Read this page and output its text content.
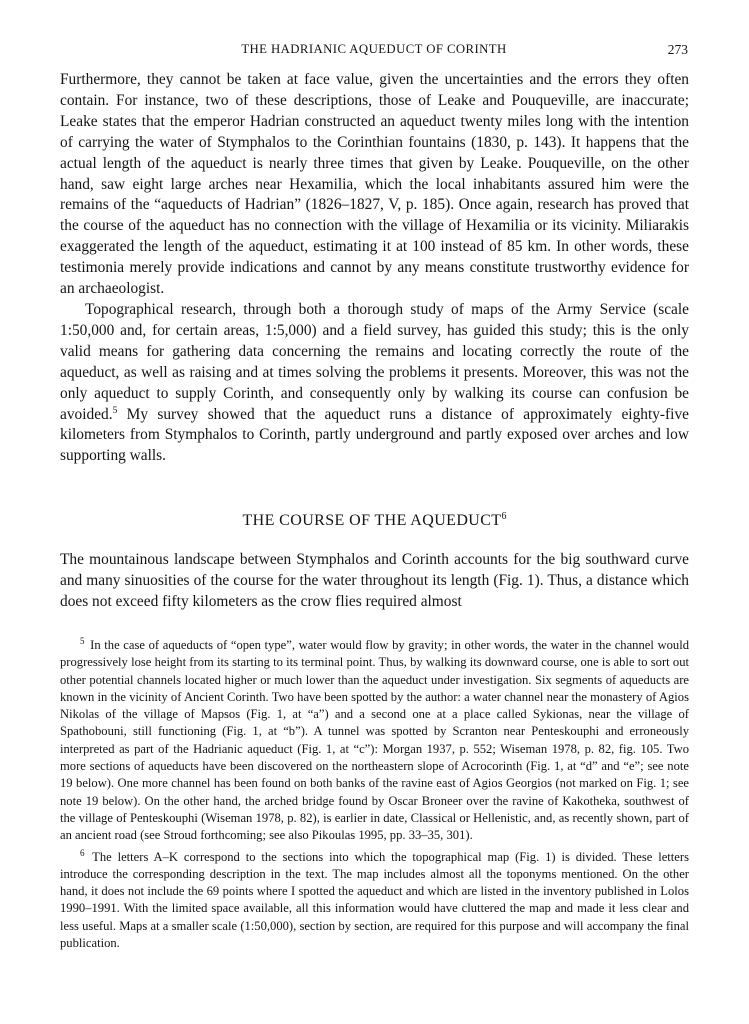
THE HADRIANIC AQUEDUCT OF CORINTH	273

Furthermore, they cannot be taken at face value, given the uncertainties and the errors they often contain. For instance, two of these descriptions, those of Leake and Pouqueville, are inaccurate; Leake states that the emperor Hadrian constructed an aqueduct twenty miles long with the intention of carrying the water of Stymphalos to the Corinthian fountains (1830, p. 143). It happens that the actual length of the aqueduct is nearly three times that given by Leake. Pouqueville, on the other hand, saw eight large arches near Hexamilia, which the local inhabitants assured him were the remains of the “aqueducts of Hadrian” (1826–1827, V, p. 185). Once again, research has proved that the course of the aqueduct has no connection with the village of Hexamilia or its vicinity. Miliarakis exaggerated the length of the aqueduct, estimating it at 100 instead of 85 km. In other words, these testimonia merely provide indications and cannot by any means constitute trustworthy evidence for an archaeologist.

Topographical research, through both a thorough study of maps of the Army Service (scale 1:50,000 and, for certain areas, 1:5,000) and a field survey, has guided this study; this is the only valid means for gathering data concerning the remains and locating correctly the route of the aqueduct, as well as raising and at times solving the problems it presents. Moreover, this was not the only aqueduct to supply Corinth, and consequently only by walking its course can confusion be avoided.$^5$ My survey showed that the aqueduct runs a distance of approximately eighty-five kilometers from Stymphalos to Corinth, partly underground and partly exposed over arches and low supporting walls.

THE COURSE OF THE AQUEDUCT$^6$

The mountainous landscape between Stymphalos and Corinth accounts for the big southward curve and many sinuosities of the course for the water throughout its length (Fig. 1). Thus, a distance which does not exceed fifty kilometers as the crow flies required almost

$^5$ In the case of aqueducts of “open type”, water would flow by gravity; in other words, the water in the channel would progressively lose height from its starting to its terminal point. Thus, by walking its downward course, one is able to sort out other potential channels located higher or much lower than the aqueduct under investigation. Six segments of aqueducts are known in the vicinity of Ancient Corinth. Two have been spotted by the author: a water channel near the monastery of Agios Nikolas of the village of Mapsos (Fig. 1, at “a”) and a second one at a place called Sykionas, near the village of Spathobouni, still functioning (Fig. 1, at “b”). A tunnel was spotted by Scranton near Penteskouphi and erroneously interpreted as part of the Hadrianic aqueduct (Fig. 1, at “c”): Morgan 1937, p. 552; Wiseman 1978, p. 82, fig. 105. Two more sections of aqueducts have been discovered on the northeastern slope of Acrocorinth (Fig. 1, at “d” and “e”; see note 19 below). One more channel has been found on both banks of the ravine east of Agios Georgios (not marked on Fig. 1; see note 19 below). On the other hand, the arched bridge found by Oscar Broneer over the ravine of Kakotheka, southwest of the village of Penteskouphi (Wiseman 1978, p. 82), is earlier in date, Classical or Hellenistic, and, as recently shown, part of an ancient road (see Stroud forthcoming; see also Pikoulas 1995, pp. 33–35, 301).

$^6$ The letters A–K correspond to the sections into which the topographical map (Fig. 1) is divided. These letters introduce the corresponding description in the text. The map includes almost all the toponyms mentioned. On the other hand, it does not include the 69 points where I spotted the aqueduct and which are listed in the inventory published in Lolos 1990–1991. With the limited space available, all this information would have cluttered the map and made it less clear and less useful. Maps at a smaller scale (1:50,000), section by section, are required for this purpose and will accompany the final publication.
